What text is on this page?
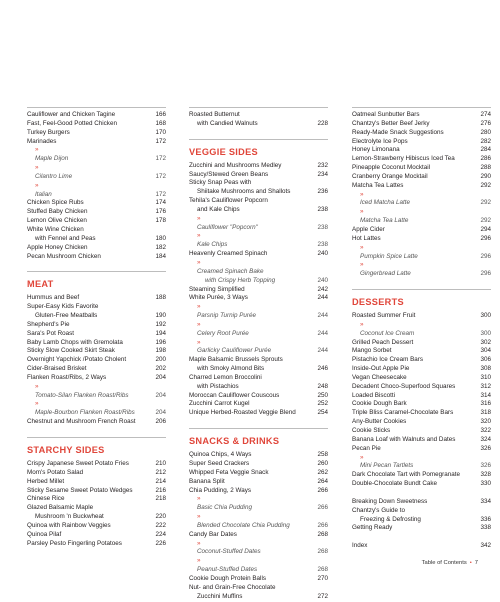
Cauliflower and Chicken Tagine	166
Fast, Feel-Good Potted Chicken	168
Turkey Burgers	170
Marinades	172
» Maple Dijon	172
» Cilantro Lime	172
» Italian	172
Chicken Spice Rubs	174
Stuffed Baby Chicken	176
Lemon Olive Chicken	178
White Wine Chicken
with Fennel and Peas	180
Apple Honey Chicken	182
Pecan Mushroom Chicken	184
MEAT
Hummus and Beef	188
Super-Easy Kids Favorite
Gluten-Free Meatballs	190
Shepherd's Pie	192
Sara's Pot Roast	194
Baby Lamb Chops with Gremolata	196
Sticky Slow Cooked Skirt Steak	198
Overnight Yapchick /Potato Cholent	200
Cider-Braised Brisket	202
Flanken Roast/Ribs, 2 Ways	204
» Tomato-Silan Flanken Roast/Ribs	204
» Maple-Bourbon Flanken Roast/Ribs	204
Chestnut and Mushroom French Roast	206
STARCHY SIDES
Crispy Japanese Sweet Potato Fries	210
Mom's Potato Salad	212
Herbed Millet	214
Sticky Sesame Sweet Potato Wedges	216
Chinese Rice	218
Glazed Balsamic Maple
Mushroom 'n Buckwheat	220
Quinoa with Rainbow Veggies	222
Quinoa Pilaf	224
Parsley Pesto Fingerling Potatoes	226
Roasted Butternut
with Candied Walnuts	228
VEGGIE SIDES
Zucchini and Mushrooms Medley	232
Saucy/Stewed Green Beans	234
Sticky Snap Peas with
Shiitake Mushrooms and Shallots	236
Tehila's Cauliflower Popcorn
and Kale Chips	238
» Cauliflower "Popcorn"	238
» Kale Chips	238
Heavenly Creamed Spinach	240
» Creamed Spinach Bake
with Crispy Herb Topping	240
Steaming Simplified	242
White Purée, 3 Ways	244
» Parsnip Turnip Purée	244
» Celery Root Purée	244
» Garlicky Cauliflower Purée	244
Maple Balsamic Brussels Sprouts
with Smoky Almond Bits	246
Charred Lemon Broccolini
with Pistachios	248
Moroccan Cauliflower Couscous	250
Zucchini Carrot Kugel	252
Unique Herbed-Roasted Veggie Blend	254
SNACKS & DRINKS
Quinoa Chips, 4 Ways	258
Super Seed Crackers	260
Whipped Feta Veggie Snack	262
Banana Split	264
Chia Pudding, 2 Ways	266
» Basic Chia Pudding	266
» Blended Chocolate Chia Pudding	266
Candy Bar Dates	268
» Coconut-Stuffed Dates	268
» Peanut-Stuffed Dates	268
Cookie Dough Protein Balls	270
Nut- and Grain-Free Chocolate
Zucchini Muffins	272
Oatmeal Sunbutter Bars	274
Chantzy's Better Beef Jerky	276
Ready-Made Snack Suggestions	280
Electrolyte Ice Pops	282
Honey Limonana	284
Lemon-Strawberry Hibiscus Iced Tea	286
Pineapple Coconut Mocktail	288
Cranberry Orange Mocktail	290
Matcha Tea Lattes	292
» Iced Matcha Latte	292
» Matcha Tea Latte	292
Apple Cider	294
Hot Lattes	296
» Pumpkin Spice Latte	296
» Gingerbread Latte	296
DESSERTS
Roasted Summer Fruit	300
» Coconut Ice Cream	300
Grilled Peach Dessert	302
Mango Sorbet	304
Pistachio Ice Cream Bars	306
Inside-Out Apple Pie	308
Vegan Cheesecake	310
Decadent Choco-Superfood Squares	312
Loaded Biscotti	314
Cookie Dough Bark	316
Triple Bliss Caramel-Chocolate Bars	318
Any-Butter Cookies	320
Cookie Sticks	322
Banana Loaf with Walnuts and Dates	324
Pecan Pie	326
» Mini Pecan Tartlets	326
Dark Chocolate Tart with Pomegranate	328
Double-Chocolate Bundt Cake	330
Breaking Down Sweetness	334
Chantzy's Guide to
Freezing & Defrosting	336
Getting Ready	338
Index	342
Table of Contents • 7
